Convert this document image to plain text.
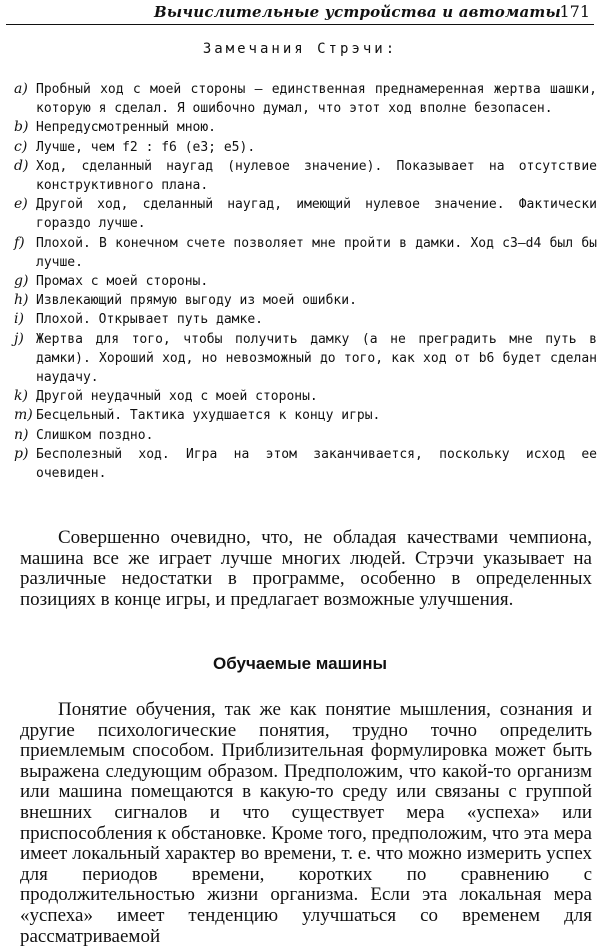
Вычислительные устройства и автоматы
171
Замечания Стрэчи:
a) Пробный ход с моей стороны — единственная преднамеренная жертва шашки, которую я сделал. Я ошибочно думал, что этот ход вполне безопасен.
b) Непредусмотренный мною.
c) Лучше, чем f2 : f6 (e3; e5).
d) Ход, сделанный наугад (нулевое значение). Показывает на отсутствие конструктивного плана.
e) Другой ход, сделанный наугад, имеющий нулевое значение. Фактически гораздо лучше.
f) Плохой. В конечном счете позволяет мне пройти в дамки. Ход c3—d4 был бы лучше.
g) Промах с моей стороны.
h) Извлекающий прямую выгоду из моей ошибки.
i) Плохой. Открывает путь дамке.
j) Жертва для того, чтобы получить дамку (а не преградить мне путь в дамки). Хороший ход, но невозможный до того, как ход от b6 будет сделан наудачу.
k) Другой неудачный ход с моей стороны.
m) Бесцельный. Тактика ухудшается к концу игры.
n) Слишком поздно.
p) Бесполезный ход. Игра на этом заканчивается, поскольку исход ее очевиден.

Совершенно очевидно, что, не обладая качествами чемпиона, машина все же играет лучше многих людей. Стрэчи указывает на различные недостатки в программе, особенно в определенных позициях в конце игры, и предлагает возможные улучшения.

Обучаемые машины

Понятие обучения, так же как понятие мышления, сознания и другие психологические понятия, трудно точно определить приемлемым способом. Приблизительная формулировка может быть выражена следующим образом. Предположим, что какой-то организм или машина помещаются в какую-то среду или связаны с группой внешних сигналов и что существует мера «успеха» или приспособления к обстановке. Кроме того, предположим, что эта мера имеет локальный характер во времени, т. е. что можно измерить успех для периодов времени, коротких по сравнению с продолжительностью жизни организма. Если эта локальная мера «успеха» имеет тенденцию улучшаться со временем для рассматриваемой
